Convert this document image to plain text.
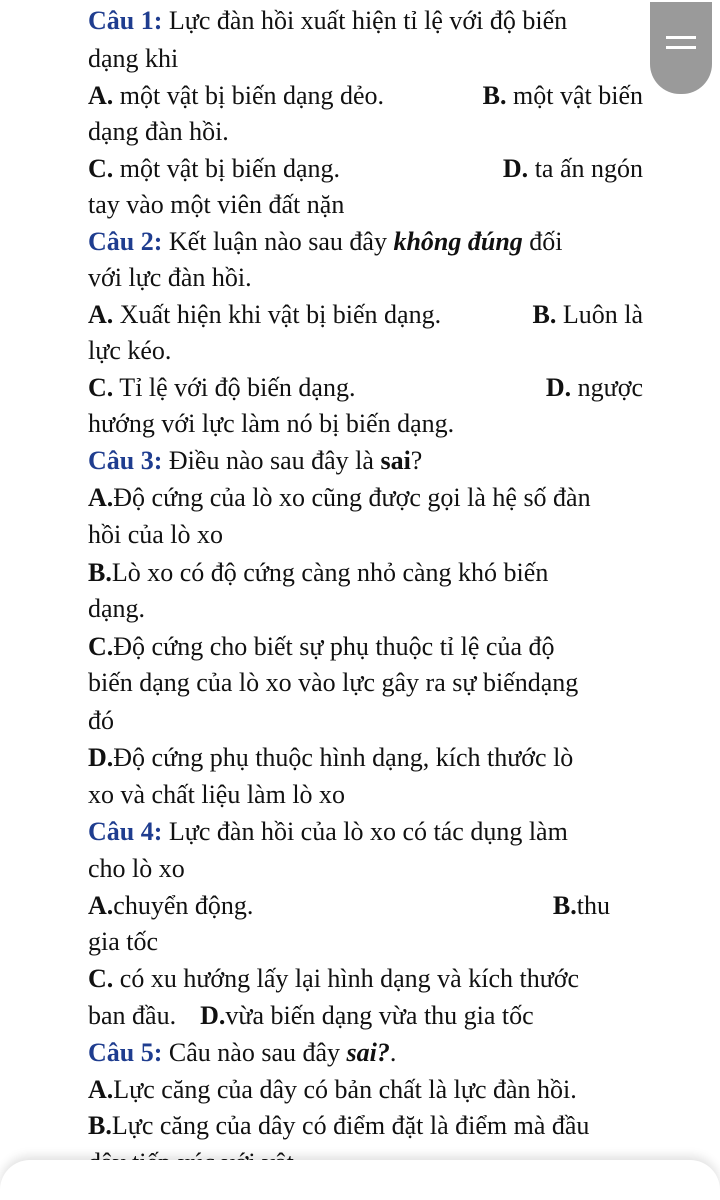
Câu 1: Lực đàn hồi xuất hiện tỉ lệ với độ biến
dạng khi
A. một vật bị biến dạng dẻo.	B. một vật biến
dạng đàn hồi.
C. một vật bị biến dạng.	D. ta ấn ngón
tay vào một viên đất nặn
Câu 2: Kết luận nào sau đây không đúng đối
với lực đàn hồi.
A. Xuất hiện khi vật bị biến dạng.	B. Luôn là
lực kéo.
C. Tỉ lệ với độ biến dạng.	D. ngược
hướng với lực làm nó bị biến dạng.
Câu 3: Điều nào sau đây là sai?
A.Độ cứng của lò xo cũng được gọi là hệ số đàn
hồi của lò xo
B.Lò xo có độ cứng càng nhỏ càng khó biến
dạng.
C.Độ cứng cho biết sự phụ thuộc tỉ lệ của độ
biến dạng của lò xo vào lực gây ra sự biếndạng
đó
D.Độ cứng phụ thuộc hình dạng, kích thước lò
xo và chất liệu làm lò xo
Câu 4: Lực đàn hồi của lò xo có tác dụng làm
cho lò xo
A.chuyển động.	B.thu
gia tốc
C. có xu hướng lấy lại hình dạng và kích thước
ban đầu. D.vừa biến dạng vừa thu gia tốc
Câu 5: Câu nào sau đây sai?.
A.Lực căng của dây có bản chất là lực đàn hồi.
B.Lực căng của dây có điểm đặt là điểm mà đầu
